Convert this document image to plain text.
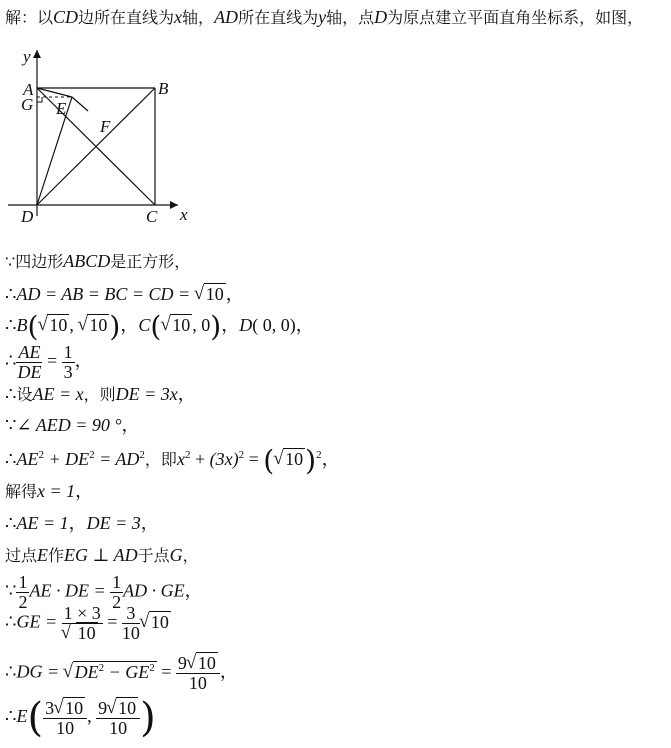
解：以CD边所在直线为x轴，AD所在直线为y轴，点D为原点建立平面直角坐标系，如图，
y
x
A	B
G E
F
D	C
∵四边形ABCD是正方形，
∴AD = AB = BC = CD = √ 10 ，
∴B( √ 10 , √ 10)，C( √ 10 , 0)，D( 0, 0)，
∴ $\frac{AE}{DE} = \frac{1}{3}$ ，
∴设AE = x，则DE = 3x，
∵∠ AED = 90 °，
$\therefore AE^2 + DE^2 = AD^2$，即$x^2 + (3x)^2$ = ( √ 10)$^2$，
解得x = 1，
∴AE = 1，DE = 3，
过点E作EG ⊥ AD于点G，
∵ $\frac{1}{2}$ AE · DE = $\frac{1}{2}$ AD · GE，
∴GE = 1 × 3
√ $10 = \frac{3}{10}$ √ 10
∴DG = √ $DE^2 - GE^2 = \frac{9 √ 10}{10}$ ，
∴E( $\frac{3 √ 10}{10}$ , $\frac{9 √ 10}{10}$ )
